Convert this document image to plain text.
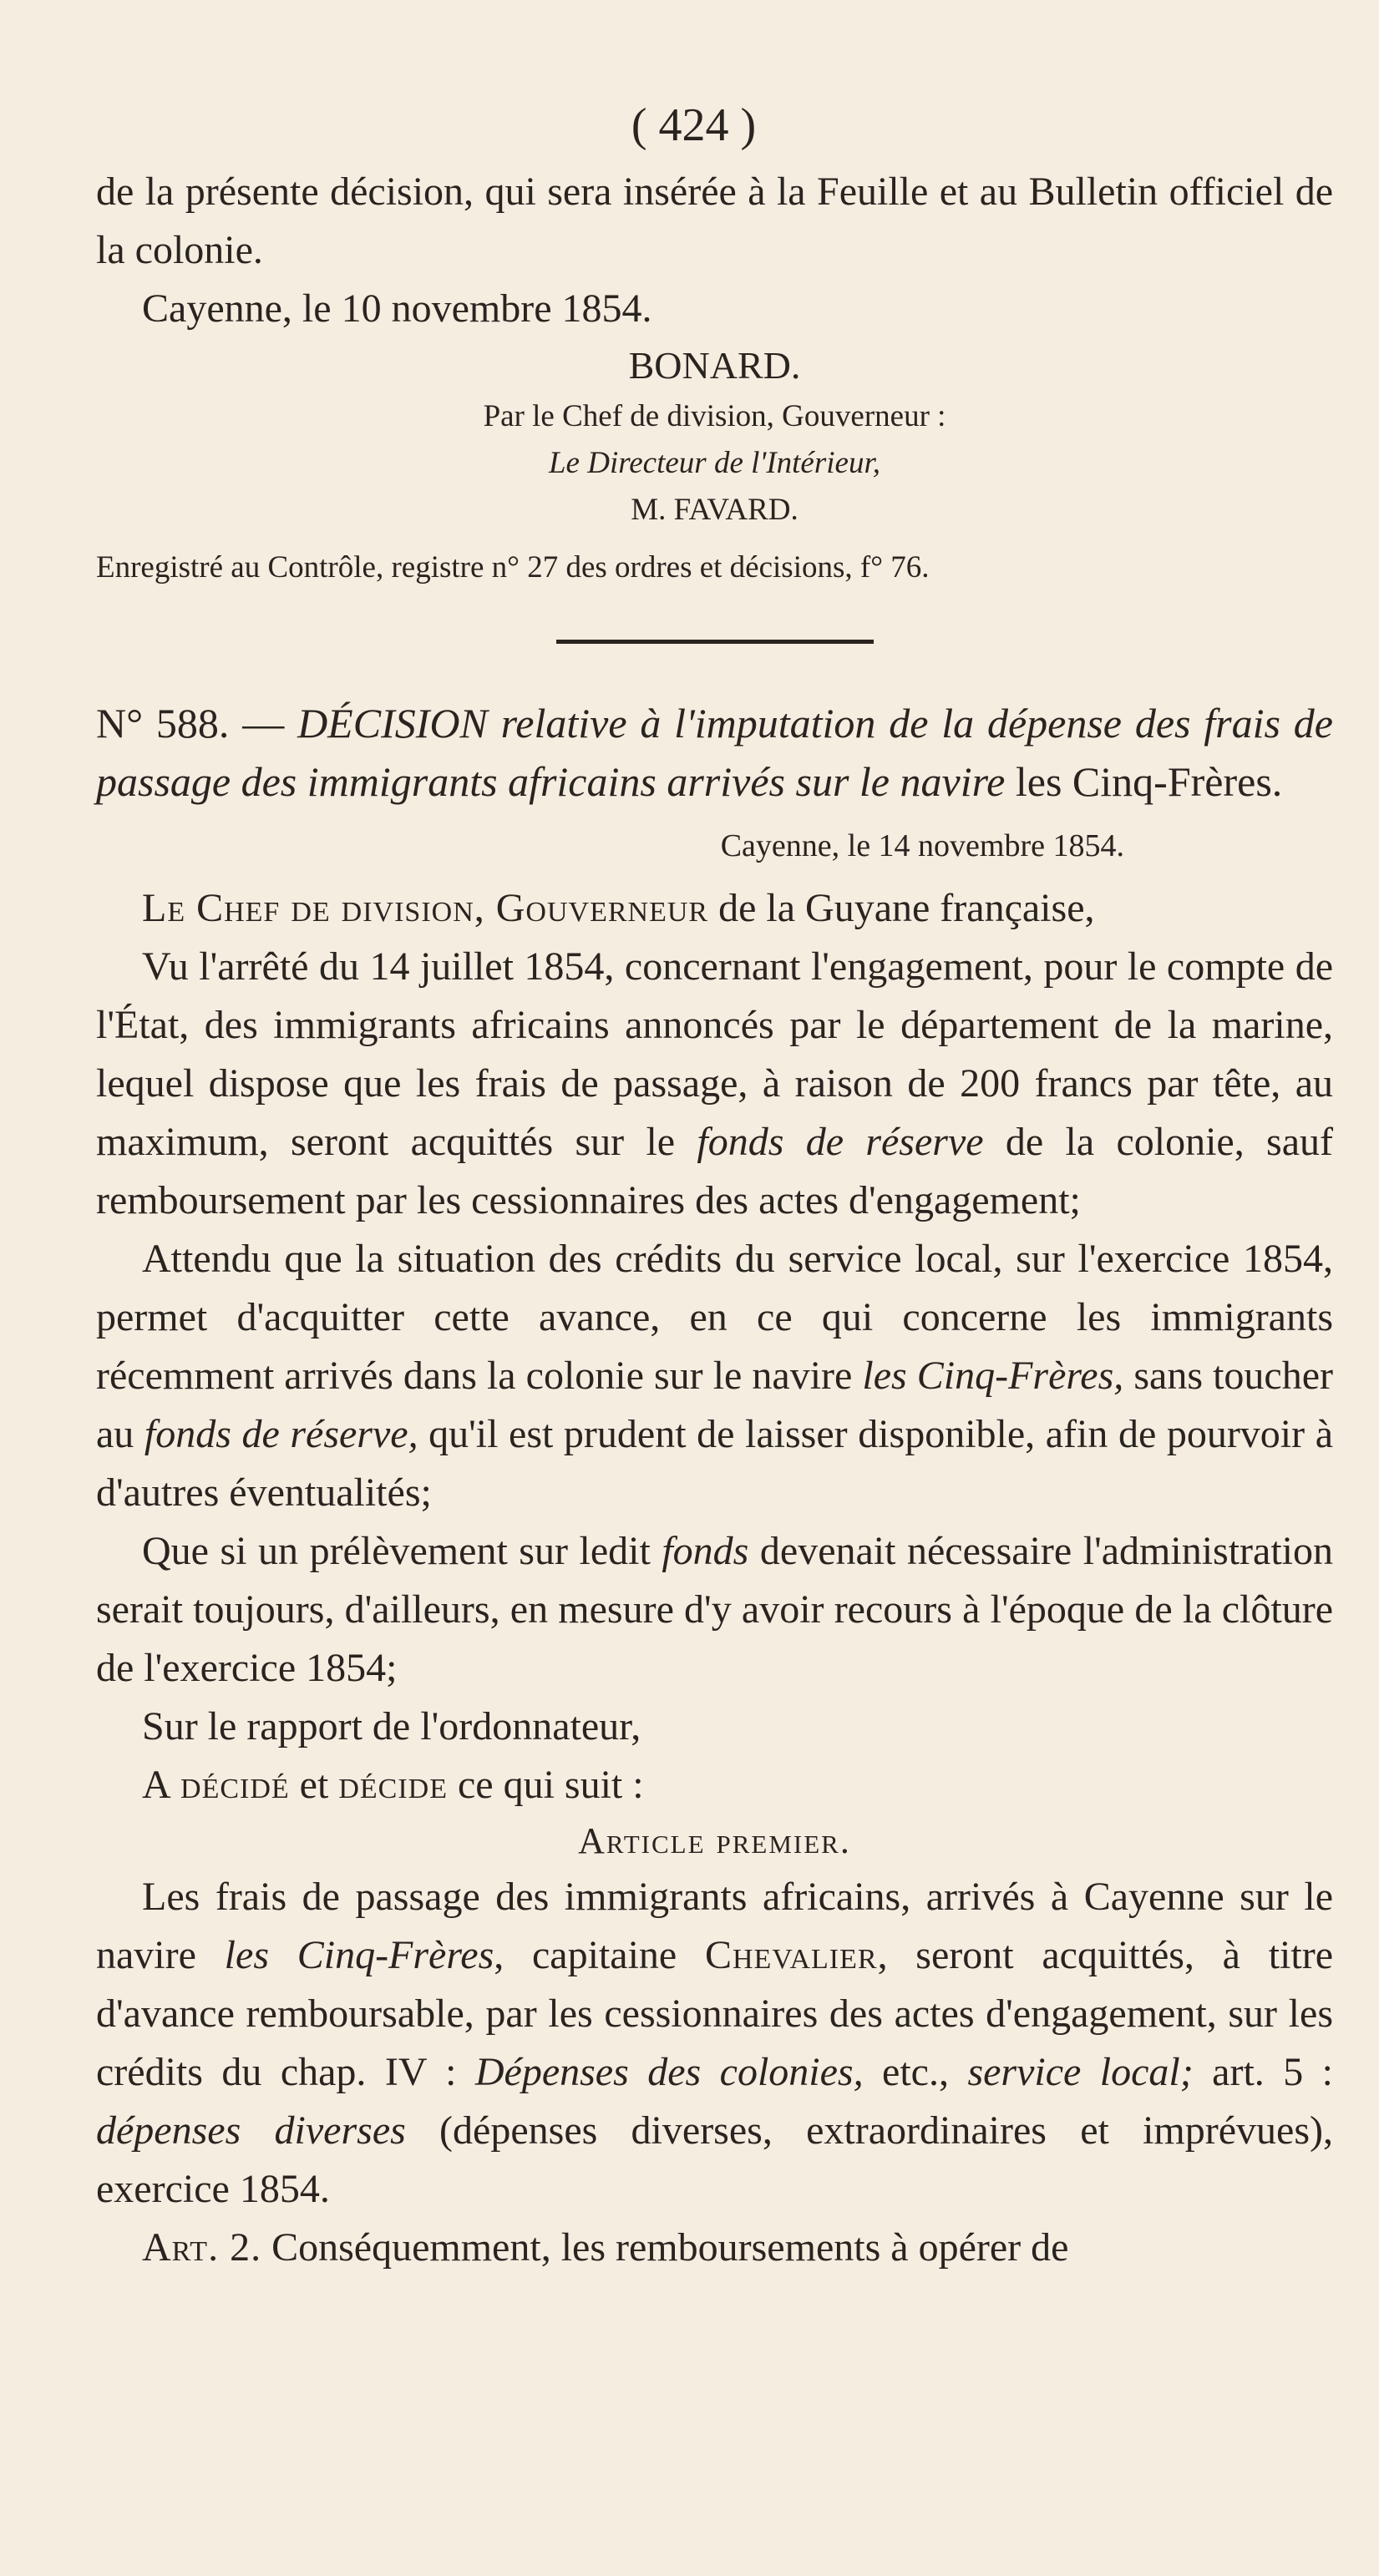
( 424 )

de la présente décision, qui sera insérée à la Feuille et au Bulletin officiel de la colonie.

Cayenne, le 10 novembre 1854.

BONARD.
Par le Chef de division, Gouverneur :
Le Directeur de l'Intérieur,
M. FAVARD.

Enregistré au Contrôle, registre n° 27 des ordres et décisions, f° 76.

N° 588. — DÉCISION relative à l'imputation de la dépense des frais de passage des immigrants africains arrivés sur le navire les Cinq-Frères.

Cayenne, le 14 novembre 1854.

Le Chef de division, Gouverneur de la Guyane française,

Vu l'arrêté du 14 juillet 1854, concernant l'engagement, pour le compte de l'État, des immigrants africains annoncés par le département de la marine, lequel dispose que les frais de passage, à raison de 200 francs par tête, au maximum, seront acquittés sur le fonds de réserve de la colonie, sauf remboursement par les cessionnaires des actes d'engagement;

Attendu que la situation des crédits du service local, sur l'exercice 1854, permet d'acquitter cette avance, en ce qui concerne les immigrants récemment arrivés dans la colonie sur le navire les Cinq-Frères, sans toucher au fonds de réserve, qu'il est prudent de laisser disponible, afin de pourvoir à d'autres éventualités;

Que si un prélèvement sur ledit fonds devenait nécessaire l'administration serait toujours, d'ailleurs, en mesure d'y avoir recours à l'époque de la clôture de l'exercice 1854;

Sur le rapport de l'ordonnateur,

A décidé et décide ce qui suit :

Article premier.

Les frais de passage des immigrants africains, arrivés à Cayenne sur le navire les Cinq-Frères, capitaine Chevalier, seront acquittés, à titre d'avance remboursable, par les cessionnaires des actes d'engagement, sur les crédits du chap. IV : Dépenses des colonies, etc., service local; art. 5 : dépenses diverses (dépenses diverses, extraordinaires et imprévues), exercice 1854.

Art. 2. Conséquemment, les remboursements à opérer de
